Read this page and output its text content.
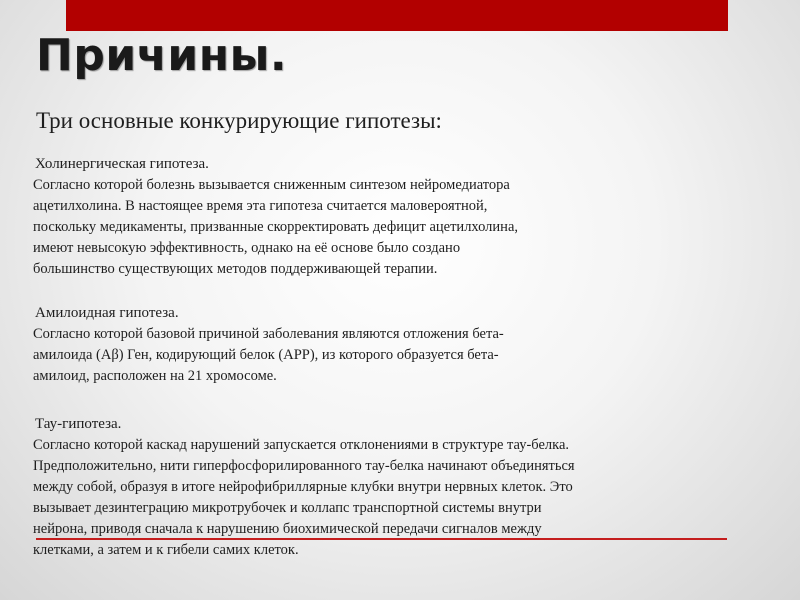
Причины.
Три основные конкурирующие гипотезы:
Холинергическая гипотеза.
Согласно которой болезнь вызывается сниженным синтезом нейромедиатора
ацетилхолина. В настоящее время эта гипотеза считается маловероятной,
поскольку медикаменты, призванные скорректировать дефицит ацетилхолина,
имеют невысокую эффективность, однако на её основе было создано
большинство существующих методов поддерживающей терапии.
Амилоидная гипотеза.
Согласно которой базовой причиной заболевания являются отложения бета-
амилоида (Аβ) Ген, кодирующий белок (APP), из которого образуется бета-
амилоид, расположен на 21 хромосоме.
Тау-гипотеза.
Согласно которой каскад нарушений запускается отклонениями в структуре тау-белка.
Предположительно, нити гиперфосфорилированного тау-белка начинают объединяться
между собой, образуя в итоге нейрофибриллярные клубки внутри нервных клеток. Это
вызывает дезинтеграцию микротрубочек и коллапс транспортной системы внутри
нейрона, приводя сначала к нарушению биохимической передачи сигналов между
клетками, а затем и к гибели самих клеток.
